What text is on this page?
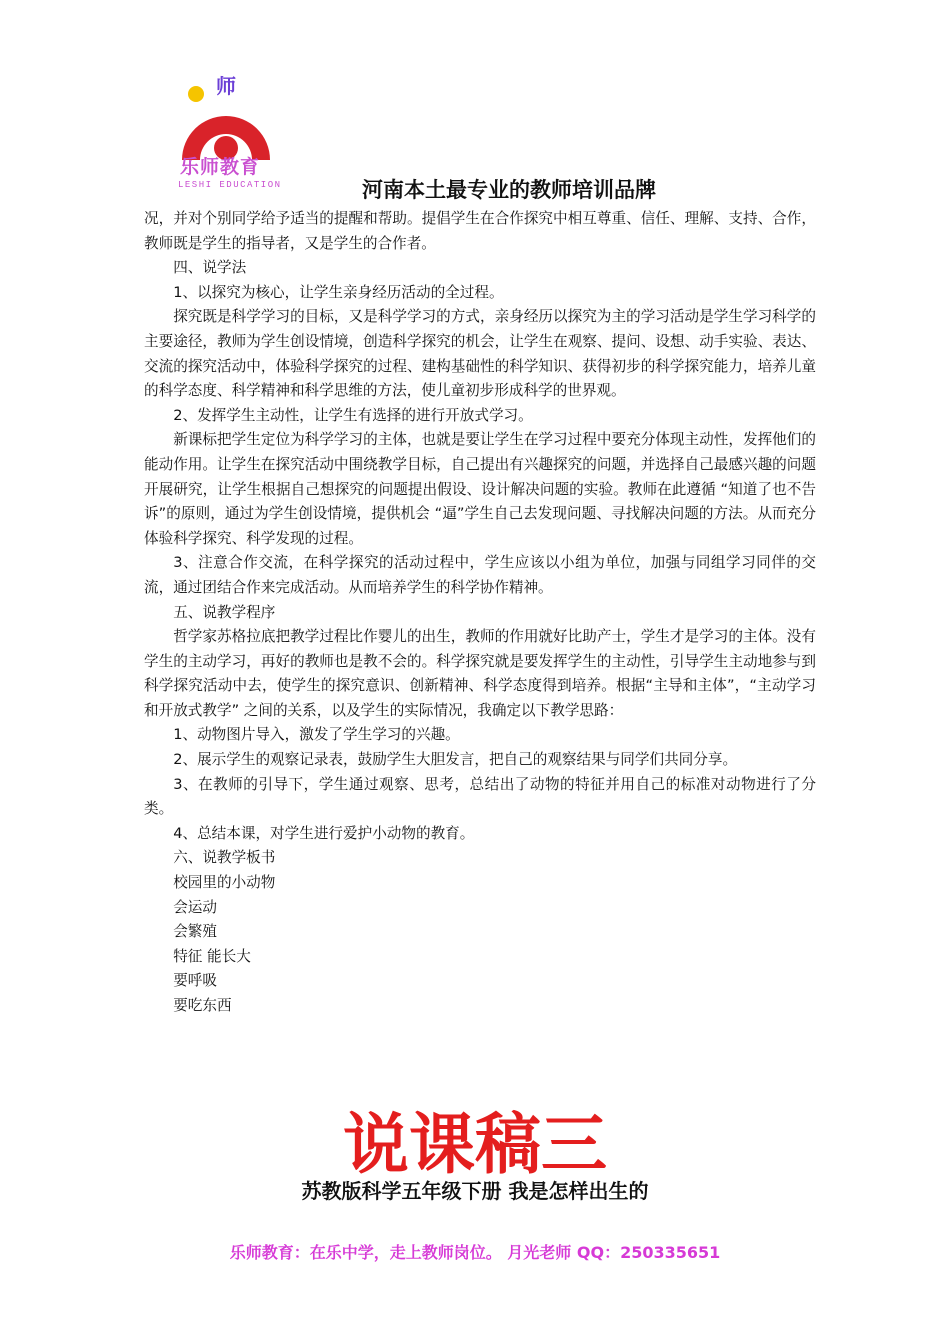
师
乐师教育
LESHI EDUCATION	河南本土最专业的教师培训品牌

况，并对个别同学给予适当的提醒和帮助。提倡学生在合作探究中相互尊重、信任、理解、支持、合作，教师既是学生的指导者，又是学生的合作者。

四、说学法

1、以探究为核心，让学生亲身经历活动的全过程。

探究既是科学学习的目标，又是科学学习的方式，亲身经历以探究为主的学习活动是学生学习科学的主要途径，教师为学生创设情境，创造科学探究的机会，让学生在观察、提问、设想、动手实验、表达、交流的探究活动中，体验科学探究的过程、建构基础性的科学知识、获得初步的科学探究能力，培养儿童的科学态度、科学精神和科学思维的方法，使儿童初步形成科学的世界观。

2、发挥学生主动性，让学生有选择的进行开放式学习。

新课标把学生定位为科学学习的主体，也就是要让学生在学习过程中要充分体现主动性，发挥他们的能动作用。让学生在探究活动中围绕教学目标，自己提出有兴趣探究的问题，并选择自己最感兴趣的问题开展研究，让学生根据自己想探究的问题提出假设、设计解决问题的实验。教师在此遵循 “知道了也不告诉”的原则，通过为学生创设情境，提供机会 “逼”学生自己去发现问题、寻找解决问题的方法。从而充分体验科学探究、科学发现的过程。

3、注意合作交流，在科学探究的活动过程中，学生应该以小组为单位，加强与同组学习同伴的交流，通过团结合作来完成活动。从而培养学生的科学协作精神。

五、说教学程序

哲学家苏格拉底把教学过程比作婴儿的出生，教师的作用就好比助产士，学生才是学习的主体。没有学生的主动学习，再好的教师也是教不会的。科学探究就是要发挥学生的主动性，引导学生主动地参与到科学探究活动中去，使学生的探究意识、创新精神、科学态度得到培养。根据“主导和主体”，“主动学习和开放式教学” 之间的关系，以及学生的实际情况，我确定以下教学思路：

1、动物图片导入，激发了学生学习的兴趣。

2、展示学生的观察记录表，鼓励学生大胆发言，把自己的观察结果与同学们共同分享。

3、在教师的引导下，学生通过观察、思考，总结出了动物的特征并用自己的标准对动物进行了分类。

4、总结本课，对学生进行爱护小动物的教育。

六、说教学板书

校园里的小动物

会运动

会繁殖

特征 能长大

要呼吸

要吃东西

说课稿三
苏教版科学五年级下册 我是怎样出生的
乐师教育：在乐中学，走上教师岗位。 月光老师 QQ：250335651
